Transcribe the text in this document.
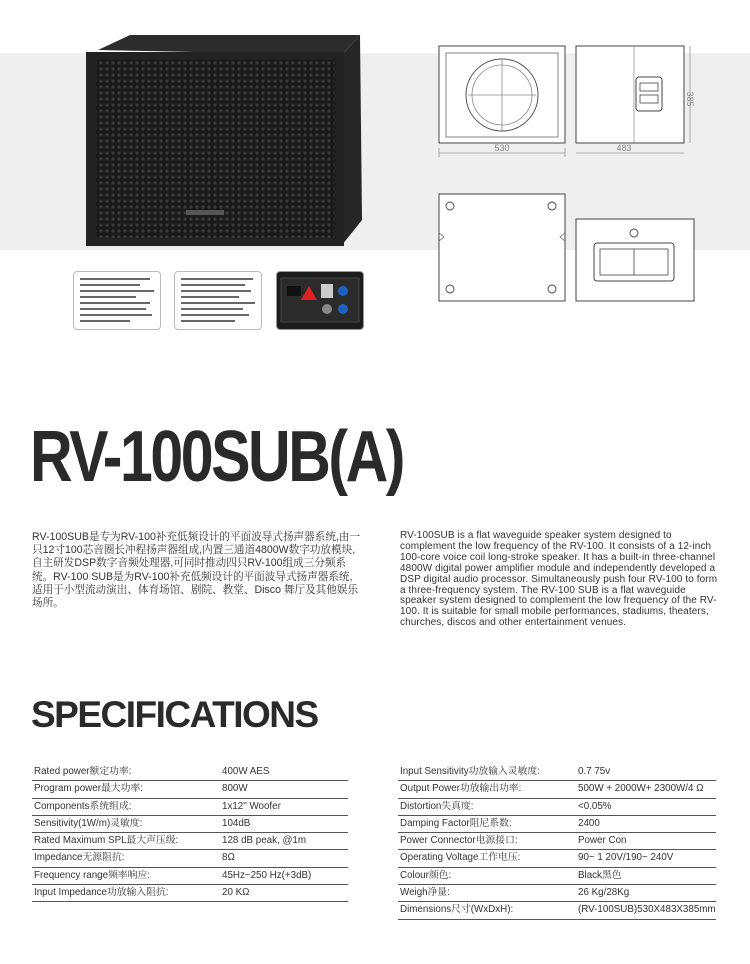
530	483
385
RV-100SUB(A)
RV-100SUB是专为RV-100补充低频设计的平面波导式扬声器系统,由一只12寸100芯音圈长冲程扬声器组成,内置三通道4800W数字功放模块,自主研发DSP数字音频处理器,可同时推动四只RV-100组成三分频系统。RV-100 SUB是为RV-100补充低频设计的平面波导式扬声器系统, 适用于小型流动演出、体育场馆、剧院、教堂、Disco 舞厅及其他娱乐场所。
RV-100SUB is a flat waveguide speaker system designed to complement the low frequency of the RV-100. It consists of a 12-inch 100-core voice coil long-stroke speaker. It has a built-in three-channel 4800W digital power amplifier module and independently developed a DSP digital audio processor. Simultaneously push four RV-100 to form a three-frequency system. The RV-100 SUB is a flat waveguide speaker system designed to complement the low frequency of the RV-100. It is suitable for small mobile performances, stadiums, theaters, churches, discos and other entertainment venues.
SPECIFICATIONS
Rated power额定功率:	400W AES
Program power最大功率:	800W
Components系统组成:	1x12" Woofer
Sensitivity(1W/m)灵敏度:	104dB
Rated Maximum SPL最大声压级:	128 dB peak, @1m
Impedance无源阻抗:	8Ω
Frequency range频率响应:	45Hz~250 Hz(+3dB)
Input Impedance功放输入阻抗:	20 KΩ
Input Sensitivity功放输入灵敏度:	0.7 75v
Output Power功放输出功率:	500W + 2000W+ 2300W/4 Ω
Distortion失真度:	<0.05%
Damping Factor阻尼系数:	2400
Power Connector电源接口:	Power Con
Operating Voltage工作电压:	90~ 1 20V/190~ 240V
Colour颜色:	Black黑色
Weigh净量:	26 Kg/28Kg
Dimensions尺寸(WxDxH):	(RV-100SUB)530X483X385mm
